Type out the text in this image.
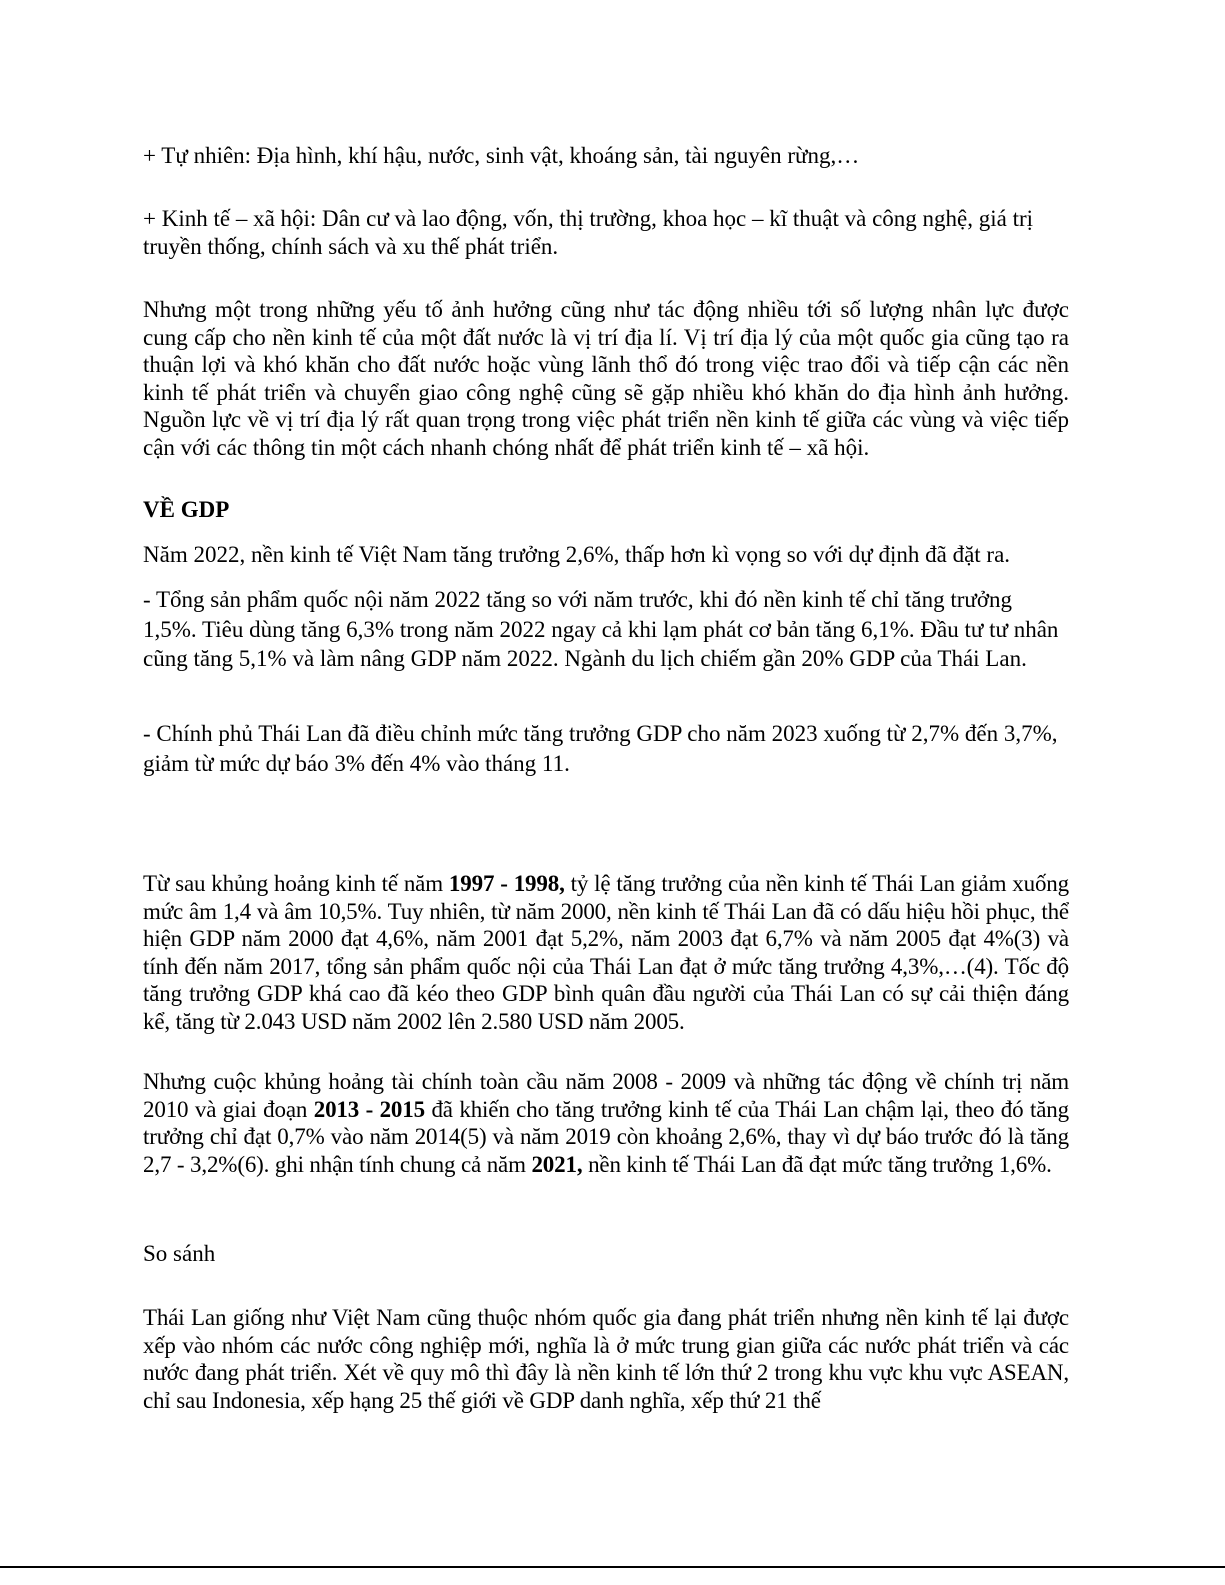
+ Tự nhiên: Địa hình, khí hậu, nước, sinh vật, khoáng sản, tài nguyên rừng,…

+ Kinh tế – xã hội: Dân cư và lao động, vốn, thị trường, khoa học – kĩ thuật và công nghệ, giá trị truyền thống, chính sách và xu thế phát triển.

Nhưng một trong những yếu tố ảnh hưởng cũng như tác động nhiều tới số lượng nhân lực được cung cấp cho nền kinh tế của một đất nước là vị trí địa lí. Vị trí địa lý của một quốc gia cũng tạo ra thuận lợi và khó khăn cho đất nước hoặc vùng lãnh thổ đó trong việc trao đổi và tiếp cận các nền kinh tế phát triển và chuyển giao công nghệ cũng sẽ gặp nhiều khó khăn do địa hình ảnh hưởng. Nguồn lực về vị trí địa lý rất quan trọng trong việc phát triển nền kinh tế giữa các vùng và việc tiếp cận với các thông tin một cách nhanh chóng nhất để phát triển kinh tế – xã hội.

VỀ GDP

Năm 2022, nền kinh tế Việt Nam tăng trưởng 2,6%, thấp hơn kì vọng so với dự định đã đặt ra.

- Tổng sản phẩm quốc nội năm 2022 tăng so với năm trước, khi đó nền kinh tế chỉ tăng trưởng 1,5%. Tiêu dùng tăng 6,3% trong năm 2022 ngay cả khi lạm phát cơ bản tăng 6,1%. Đầu tư tư nhân cũng tăng 5,1% và làm nâng GDP năm 2022. Ngành du lịch chiếm gần 20% GDP của Thái Lan.

- Chính phủ Thái Lan đã điều chỉnh mức tăng trưởng GDP cho năm 2023 xuống từ 2,7% đến 3,7%, giảm từ mức dự báo 3% đến 4% vào tháng 11.

Từ sau khủng hoảng kinh tế năm 1997 - 1998, tỷ lệ tăng trưởng của nền kinh tế Thái Lan giảm xuống mức âm 1,4 và âm 10,5%. Tuy nhiên, từ năm 2000, nền kinh tế Thái Lan đã có dấu hiệu hồi phục, thể hiện GDP năm 2000 đạt 4,6%, năm 2001 đạt 5,2%, năm 2003 đạt 6,7% và năm 2005 đạt 4%(3) và tính đến năm 2017, tổng sản phẩm quốc nội của Thái Lan đạt ở mức tăng trưởng 4,3%,…(4). Tốc độ tăng trưởng GDP khá cao đã kéo theo GDP bình quân đầu người của Thái Lan có sự cải thiện đáng kể, tăng từ 2.043 USD năm 2002 lên 2.580 USD năm 2005.

Nhưng cuộc khủng hoảng tài chính toàn cầu năm 2008 - 2009 và những tác động về chính trị năm 2010 và giai đoạn 2013 - 2015 đã khiến cho tăng trưởng kinh tế của Thái Lan chậm lại, theo đó tăng trưởng chỉ đạt 0,7% vào năm 2014(5) và năm 2019 còn khoảng 2,6%, thay vì dự báo trước đó là tăng 2,7 - 3,2%(6). ghi nhận tính chung cả năm 2021, nền kinh tế Thái Lan đã đạt mức tăng trưởng 1,6%.

So sánh

Thái Lan giống như Việt Nam cũng thuộc nhóm quốc gia đang phát triển nhưng nền kinh tế lại được xếp vào nhóm các nước công nghiệp mới, nghĩa là ở mức trung gian giữa các nước phát triển và các nước đang phát triển. Xét về quy mô thì đây là nền kinh tế lớn thứ 2 trong khu vực khu vực ASEAN, chỉ sau Indonesia, xếp hạng 25 thế giới về GDP danh nghĩa, xếp thứ 21 thế
